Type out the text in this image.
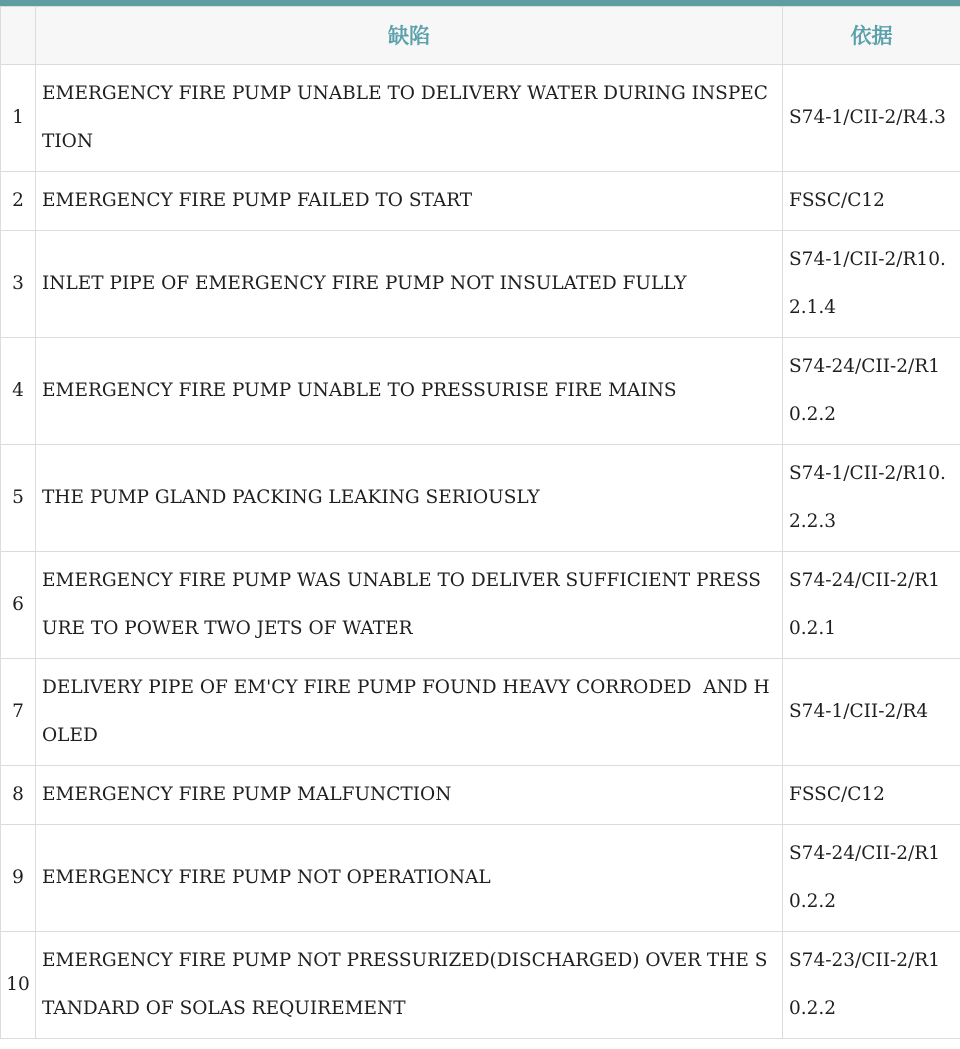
	缺陷	依据
1	EMERGENCY FIRE PUMP UNABLE TO DELIVERY WATER DURING INSPECTION	S74-1/CII-2/R4.3
2	EMERGENCY FIRE PUMP FAILED TO START	FSSC/C12
3	INLET PIPE OF EMERGENCY FIRE PUMP NOT INSULATED FULLY	S74-1/CII-2/R10.2.1.4
4	EMERGENCY FIRE PUMP UNABLE TO PRESSURISE FIRE MAINS	S74-24/CII-2/R10.2.2
5	THE PUMP GLAND PACKING LEAKING SERIOUSLY	S74-1/CII-2/R10.2.2.3
6	EMERGENCY FIRE PUMP WAS UNABLE TO DELIVER SUFFICIENT PRESSURE TO POWER TWO JETS OF WATER	S74-24/CII-2/R10.2.1
7	DELIVERY PIPE OF EM'CY FIRE PUMP FOUND HEAVY CORRODED  AND HOLED	S74-1/CII-2/R4
8	EMERGENCY FIRE PUMP MALFUNCTION	FSSC/C12
9	EMERGENCY FIRE PUMP NOT OPERATIONAL	S74-24/CII-2/R10.2.2
10	EMERGENCY FIRE PUMP NOT PRESSURIZED(DISCHARGED) OVER THE STANDARD OF SOLAS REQUIREMENT	S74-23/CII-2/R10.2.2
